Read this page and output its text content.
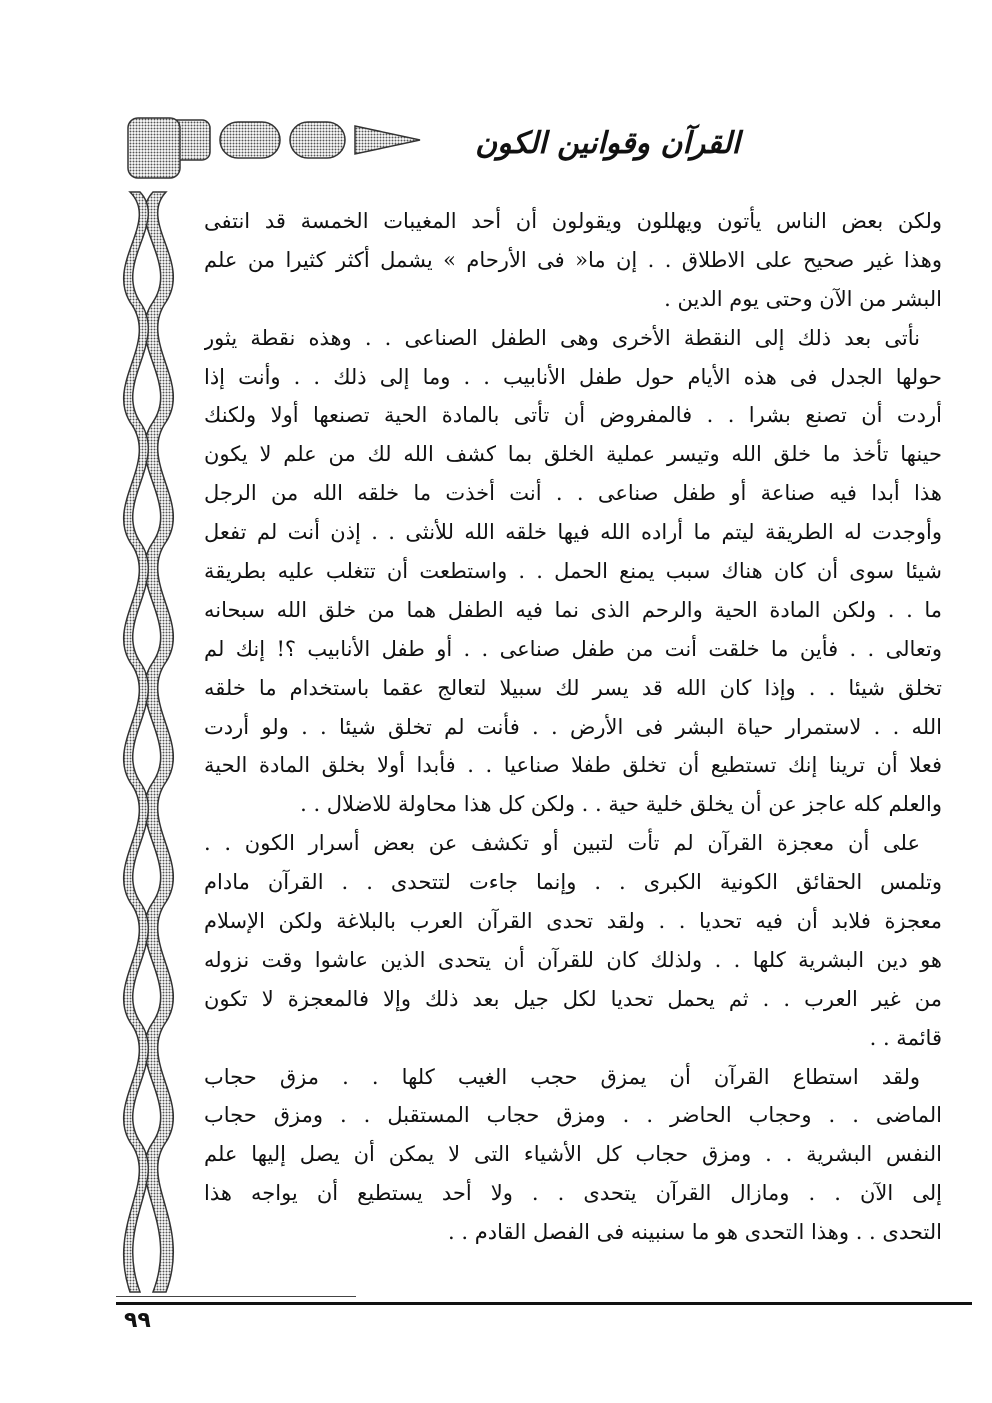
القرآن وقوانين الكون
ولكن بعض الناس يأتون ويهللون ويقولون أن أحد المغيبات الخمسة قد انتفى
وهذا غير صحيح على الاطلاق . . إن ما« فى الأرحام » يشمل أكثر كثيرا من علم
البشر من الآن وحتى يوم الدين .
نأتى بعد ذلك إلى النقطة الأخرى وهى الطفل الصناعى . . وهذه نقطة يثور
حولها الجدل فى هذه الأيام حول طفل الأنابيب . . وما إلى ذلك . . وأنت إذا
أردت أن تصنع بشرا . . فالمفروض أن تأتى بالمادة الحية تصنعها أولا ولكنك
حينها تأخذ ما خلق الله وتيسر عملية الخلق بما كشف الله لك من علم لا يكون
هذا أبدا فيه صناعة أو طفل صناعى . . أنت أخذت ما خلقه الله من الرجل
وأوجدت له الطريقة ليتم ما أراده الله فيها خلقه الله للأنثى . . إذن أنت لم تفعل
شيئا سوى أن كان هناك سبب يمنع الحمل . . واستطعت أن تتغلب عليه بطريقة
ما . . ولكن المادة الحية والرحم الذى نما فيه الطفل هما من خلق الله سبحانه
وتعالى . . فأين ما خلقت أنت من طفل صناعى . . أو طفل الأنابيب ؟! إنك لم
تخلق شيئا . . وإذا كان الله قد يسر لك سبيلا لتعالج عقما باستخدام ما خلقه
الله . . لاستمرار حياة البشر فى الأرض . . فأنت لم تخلق شيئا . . ولو أردت
فعلا أن ترينا إنك تستطيع أن تخلق طفلا صناعيا . . فأبدا أولا بخلق المادة الحية
والعلم كله عاجز عن أن يخلق خلية حية . . ولكن كل هذا محاولة للاضلال . .
على أن معجزة القرآن لم تأت لتبين أو تكشف عن بعض أسرار الكون . .
وتلمس الحقائق الكونية الكبرى . . وإنما جاءت لتتحدى . . القرآن مادام
معجزة فلابد أن فيه تحديا . . ولقد تحدى القرآن العرب بالبلاغة ولكن الإسلام
هو دين البشرية كلها . . ولذلك كان للقرآن أن يتحدى الذين عاشوا وقت نزوله
من غير العرب . . ثم يحمل تحديا لكل جيل بعد ذلك وإلا فالمعجزة لا تكون
قائمة . .
ولقد استطاع القرآن أن يمزق حجب الغيب كلها . . مزق حجاب
الماضى . . وحجاب الحاضر . . ومزق حجاب المستقبل . . ومزق حجاب
النفس البشرية . . ومزق حجاب كل الأشياء التى لا يمكن أن يصل إليها علم
إلى الآن . . ومازال القرآن يتحدى . . ولا أحد يستطيع أن يواجه هذا
التحدى . . وهذا التحدى هو ما سنبينه فى الفصل القادم . .
٩٩
